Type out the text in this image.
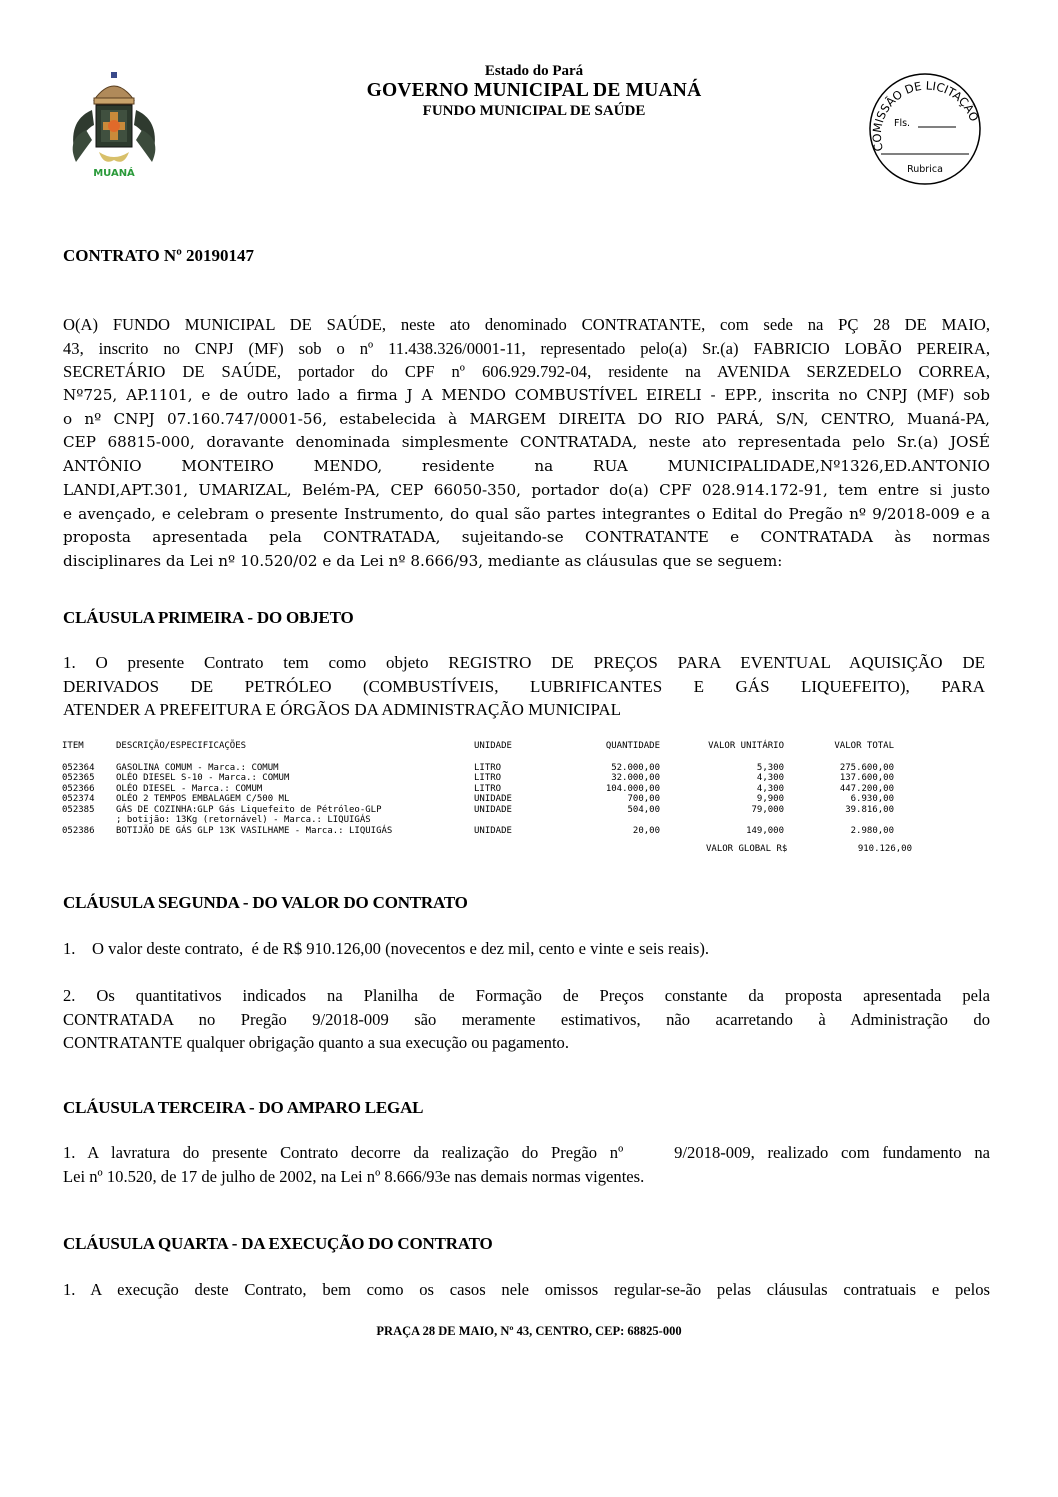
MUANÁ
Estado do Pará
GOVERNO MUNICIPAL DE MUANÁ
FUNDO MUNICIPAL DE SAÚDE
COMISSÃO DE LICITAÇÃO
Fls.
Rubrica
CONTRATO Nº 20190147
O(A) FUNDO MUNICIPAL DE SAÚDE, neste ato denominado CONTRATANTE, com sede na PÇ 28 DE MAIO,
43, inscrito no CNPJ (MF) sob o nº 11.438.326/0001-11, representado pelo(a) Sr.(a) FABRICIO LOBÃO PEREIRA,
SECRETÁRIO DE SAÚDE, portador do CPF nº 606.929.792-04, residente na AVENIDA SERZEDELO CORREA,
Nº725, AP.1101, e de outro lado a firma J A MENDO COMBUSTÍVEL EIRELI - EPP., inscrita no CNPJ (MF) sob
o nº CNPJ 07.160.747/0001-56, estabelecida à MARGEM DIREITA DO RIO PARÁ, S/N, CENTRO, Muaná-PA,
CEP 68815-000, doravante denominada simplesmente CONTRATADA, neste ato representada pelo Sr.(a) JOSÉ
ANTÔNIO MONTEIRO MENDO, residente na RUA MUNICIPALIDADE,Nº1326,ED.ANTONIO
LANDI,APT.301, UMARIZAL, Belém-PA, CEP 66050-350, portador do(a) CPF 028.914.172-91, tem entre si justo
e avençado, e celebram o presente Instrumento, do qual são partes integrantes o Edital do Pregão nº 9/2018-009 e a
proposta apresentada pela CONTRATADA, sujeitando-se CONTRATANTE e CONTRATADA às normas
disciplinares da Lei nº 10.520/02 e da Lei nº 8.666/93, mediante as cláusulas que se seguem:
CLÁUSULA PRIMEIRA - DO OBJETO
1. O presente Contrato tem como objeto REGISTRO DE PREÇOS PARA EVENTUAL AQUISIÇÃO DE
DERIVADOS DE PETRÓLEO (COMBUSTÍVEIS, LUBRIFICANTES E GÁS LIQUEFEITO), PARA
ATENDER A PREFEITURA E ÓRGÃOS DA ADMINISTRAÇÃO MUNICIPAL
ITEM	DESCRIÇÃO/ESPECIFICAÇÕES	UNIDADE	QUANTIDADE	VALOR UNITÁRIO	VALOR TOTAL
052364 GASOLINA COMUM - Marca.: COMUM	LITRO	52.000,00	5,300	275.600,00
052365 OLÉO DIESEL S-10 - Marca.: COMUM	LITRO	32.000,00	4,300	137.600,00
052366 OLÉO DIESEL - Marca.: COMUM	LITRO	104.000,00	4,300	447.200,00
052374 OLÉO 2 TEMPOS EMBALAGEM C/500 ML	UNIDADE	700,00	9,900	6.930,00
052385 GÁS DE COZINHA:GLP Gás Liquefeito de Pétróleo-GLP	UNIDADE	504,00	79,000	39.816,00
; botijão: 13Kg (retornável) - Marca.: LIQUIGÁS
052386 BOTIJÃO DE GÁS GLP 13K VASILHAME - Marca.: LIQUIGÁS	UNIDADE	20,00	149,000	2.980,00
VALOR GLOBAL R$	910.126,00
CLÁUSULA SEGUNDA - DO VALOR DO CONTRATO
1.    O valor deste contrato,  é de R$ 910.126,00 (novecentos e dez mil, cento e vinte e seis reais).
2. Os quantitativos indicados na Planilha de Formação de Preços constante da proposta apresentada pela
CONTRATADA no Pregão 9/2018-009 são meramente estimativos, não acarretando à Administração do
CONTRATANTE qualquer obrigação quanto a sua execução ou pagamento.
CLÁUSULA TERCEIRA - DO AMPARO LEGAL
1. A lavratura do presente Contrato decorre da realização do Pregão nº    9/2018-009, realizado com fundamento na
Lei nº 10.520, de 17 de julho de 2002, na Lei nº 8.666/93e nas demais normas vigentes.
CLÁUSULA QUARTA - DA EXECUÇÃO DO CONTRATO
1. A execução deste Contrato, bem como os casos nele omissos regular-se-ão pelas cláusulas contratuais e pelos
PRAÇA 28 DE MAIO, Nº 43, CENTRO, CEP: 68825-000
